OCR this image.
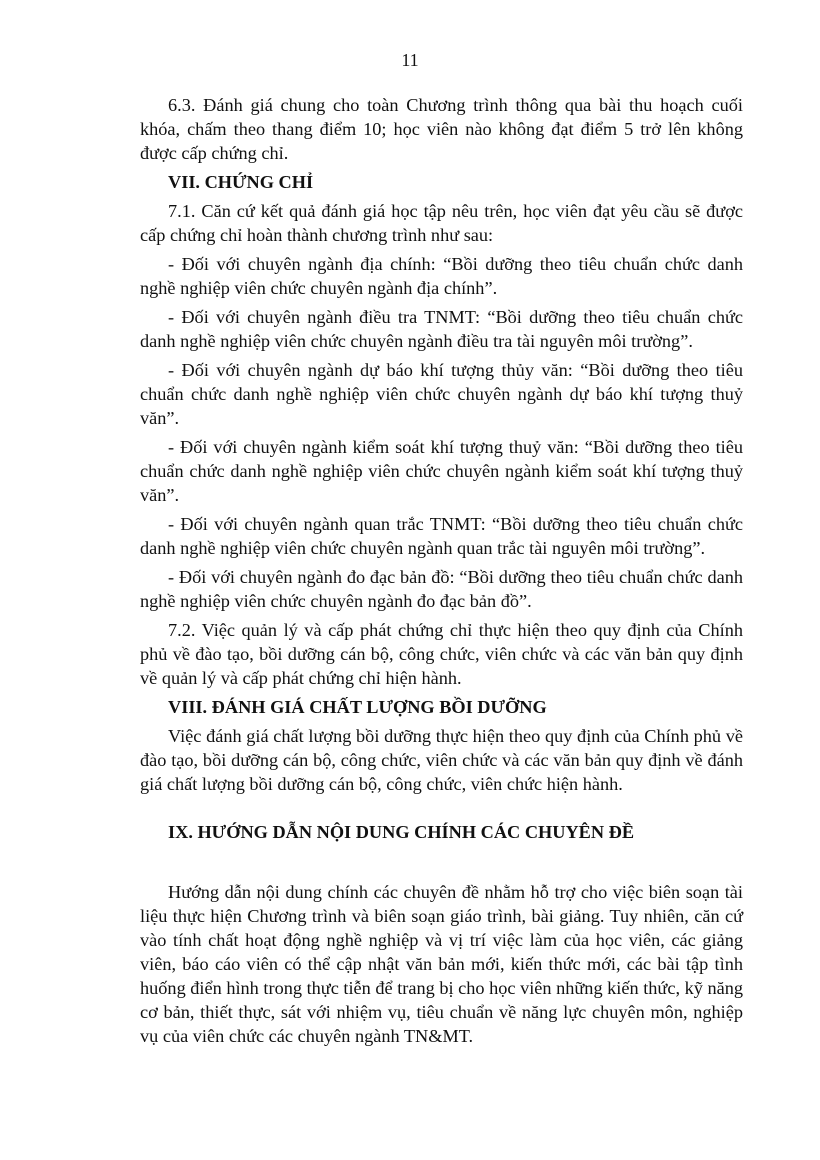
11

6.3. Đánh giá chung cho toàn Chương trình thông qua bài thu hoạch cuối khóa, chấm theo thang điểm 10; học viên nào không đạt điểm 5 trở lên không được cấp chứng chỉ.

VII. CHỨNG CHỈ

7.1. Căn cứ kết quả đánh giá học tập nêu trên, học viên đạt yêu cầu sẽ được cấp chứng chỉ hoàn thành chương trình như sau:

- Đối với chuyên ngành địa chính: “Bồi dưỡng theo tiêu chuẩn chức danh nghề nghiệp viên chức chuyên ngành địa chính”.

- Đối với chuyên ngành điều tra TNMT: “Bồi dưỡng theo tiêu chuẩn chức danh nghề nghiệp viên chức chuyên ngành điều tra tài nguyên môi trường”.

- Đối với chuyên ngành dự báo khí tượng thủy văn: “Bồi dưỡng theo tiêu chuẩn chức danh nghề nghiệp viên chức chuyên ngành dự báo khí tượng thuỷ văn”.

- Đối với chuyên ngành kiểm soát khí tượng thuỷ văn: “Bồi dưỡng theo tiêu chuẩn chức danh nghề nghiệp viên chức chuyên ngành kiểm soát khí tượng thuỷ văn”.

- Đối với chuyên ngành quan trắc TNMT: “Bồi dưỡng theo tiêu chuẩn chức danh nghề nghiệp viên chức chuyên ngành quan trắc tài nguyên môi trường”.

- Đối với chuyên ngành đo đạc bản đồ: “Bồi dưỡng theo tiêu chuẩn chức danh nghề nghiệp viên chức chuyên ngành đo đạc bản đồ”.

7.2. Việc quản lý và cấp phát chứng chỉ thực hiện theo quy định của Chính phủ về đào tạo, bồi dưỡng cán bộ, công chức, viên chức và các văn bản quy định về quản lý và cấp phát chứng chỉ hiện hành.

VIII. ĐÁNH GIÁ CHẤT LƯỢNG BỒI DƯỠNG

Việc đánh giá chất lượng bồi dưỡng thực hiện theo quy định của Chính phủ về đào tạo, bồi dưỡng cán bộ, công chức, viên chức và các văn bản quy định về đánh giá chất lượng bồi dưỡng cán bộ, công chức, viên chức hiện hành.

IX. HƯỚNG DẪN NỘI DUNG CHÍNH CÁC CHUYÊN ĐỀ

Hướng dẫn nội dung chính các chuyên đề nhằm hỗ trợ cho việc biên soạn tài liệu thực hiện Chương trình và biên soạn giáo trình, bài giảng. Tuy nhiên, căn cứ vào tính chất hoạt động nghề nghiệp và vị trí việc làm của học viên, các giảng viên, báo cáo viên có thể cập nhật văn bản mới, kiến thức mới, các bài tập tình huống điển hình trong thực tiễn để trang bị cho học viên những kiến thức, kỹ năng cơ bản, thiết thực, sát với nhiệm vụ, tiêu chuẩn về năng lực chuyên môn, nghiệp vụ của viên chức các chuyên ngành TN&MT.
